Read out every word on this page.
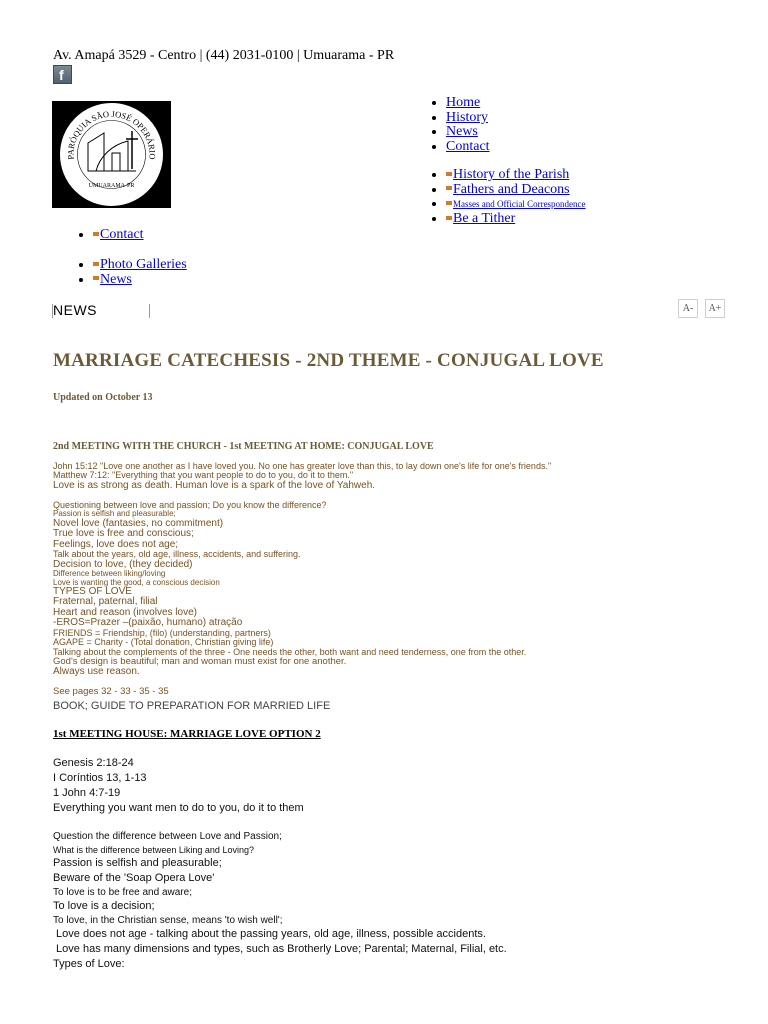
Av. Amapá 3529 - Centro | (44) 2031-0100 | Umuarama - PR
f
PARÓQUIA SÃO JOSÉ OPERÁRIO
UMUARAMA-PR
• Home
• History
• News
• Contact
• History of the Parish
• Fathers and Deacons
• Masses and Official Correspondence
• Be a Tither
• Contact
• Photo Galleries
• News
NEWS	A-	A+
MARRIAGE CATECHESIS - 2ND THEME - CONJUGAL LOVE
Updated on October 13
2nd MEETING WITH THE CHURCH - 1st MEETING AT HOME: CONJUGAL LOVE

John 15:12 "Love one another as I have loved you. No one has greater love than this, to lay down one's life for one's friends."

Matthew 7:12: "Everything that you want people to do to you, do it to them."

Love is as strong as death. Human love is a spark of the love of Yahweh.

Questioning between love and passion; Do you know the difference?

Passion is selfish and pleasurable;

Novel love (fantasies, no commitment)

True love is free and conscious;

Feelings, love does not age;

Talk about the years, old age, illness, accidents, and suffering.

Decision to love, (they decided)

Difference between liking/loving

Love is wanting the good, a conscious decision

TYPES OF LOVE

Fraternal, paternal, filial

Heart and reason (involves love)

-EROS=Prazer –(paixão, humano) atração

FRIENDS = Friendship, (filo) (understanding, partners)

AGAPE = Charity - (Total donation, Christian giving life)

Talking about the complements of the three - One needs the other, both want and need tenderness, one from the other.

God's design is beautiful; man and woman must exist for one another.

Always use reason.

See pages 32 - 33 - 35 - 35

BOOK; GUIDE TO PREPARATION FOR MARRIED LIFE
1st MEETING HOUSE: MARRIAGE LOVE OPTION 2

Genesis 2:18-24

I Coríntios 13, 1-13

1 John 4:7-19

Everything you want men to do to you, do it to them

Question the difference between Love and Passion;

What is the difference between Liking and Loving?

Passion is selfish and pleasurable;

Beware of the 'Soap Opera Love'

To love is to be free and aware;

To love is a decision;

To love, in the Christian sense, means 'to wish well';

Love does not age - talking about the passing years, old age, illness, possible accidents.

Love has many dimensions and types, such as Brotherly Love; Parental; Maternal, Filial, etc.

Types of Love:
